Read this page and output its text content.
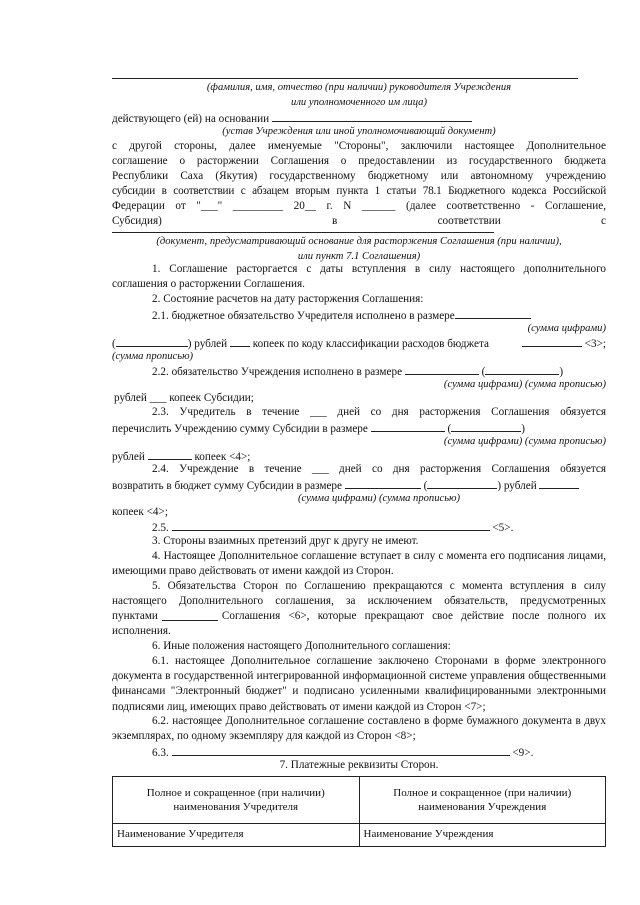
(фамилия, имя, отчество (при наличии) руководителя Учреждения
или уполномоченного им лица)
действующего (ей) на основании
(устав Учреждения или иной уполномочивающий документ)
с другой стороны, далее именуемые "Стороны", заключили настоящее Дополнительное
соглашение о расторжении Соглашения о предоставлении из государственного бюджета
Республики Саха (Якутия) государственному бюджетному или автономному учреждению
субсидии в соответствии с абзацем вторым пункта 1 статьи 78.1 Бюджетного кодекса Российской
Федерации от "___" _________ 20__ г. N ______ (далее соответственно - Соглашение,
Субсидия)	в	соответствии	с
(документ, предусматривающий основание для расторжения Соглашения (при наличии),
или пункт 7.1 Соглашения)
1. Соглашение расторгается с даты вступления в силу настоящего дополнительного соглашения о расторжении Соглашения.
2. Состояние расчетов на дату расторжения Соглашения:
2.1. бюджетное обязательство Учредителя исполнено в размере
(сумма цифрами)
(	) рублей копеек по коду классификации расходов бюджета	<3>;
(сумма прописью)
2.2. обязательство Учреждения исполнено в размере	(	)
(сумма цифрами) (сумма прописью)
рублей ___ копеек Субсидии;
2.3. Учредитель в течение ___ дней со дня расторжения Соглашения обязуется
перечислить Учреждению сумму Субсидии в размере	(	)
(сумма цифрами) (сумма прописью)
рублей	копеек <4>;
2.4. Учреждение в течение ___ дней со дня расторжения Соглашения обязуется
возвратить в бюджет сумму Субсидии в размере	(	) рублей
(сумма цифрами) (сумма прописью)
копеек <4>;
2.5.	<5>.
3. Стороны взаимных претензий друг к другу не имеют.
4. Настоящее Дополнительное соглашение вступает в силу с момента его подписания лицами, имеющими право действовать от имени каждой из Сторон.
5. Обязательства Сторон по Соглашению прекращаются с момента вступления в силу
настоящего Дополнительного соглашения, за исключением обязательств, предусмотренных
пунктами	Соглашения <6>, которые прекращают свое действие после полного их
исполнения.
6. Иные положения настоящего Дополнительного соглашения:
6.1. настоящее Дополнительное соглашение заключено Сторонами в форме электронного документа в государственной интегрированной информационной системе управления общественными финансами "Электронный бюджет" и подписано усиленными квалифицированными электронными подписями лиц, имеющих право действовать от имени каждой из Сторон <7>;
6.2. настоящее Дополнительное соглашение составлено в форме бумажного документа в двух экземплярах, по одному экземпляру для каждой из Сторон <8>;
6.3.	<9>.
7. Платежные реквизиты Сторон.
Полное и сокращенное (при наличии) наименования Учредителя	Полное и сокращенное (при наличии) наименования Учреждения
Наименование Учредителя	Наименование Учреждения
